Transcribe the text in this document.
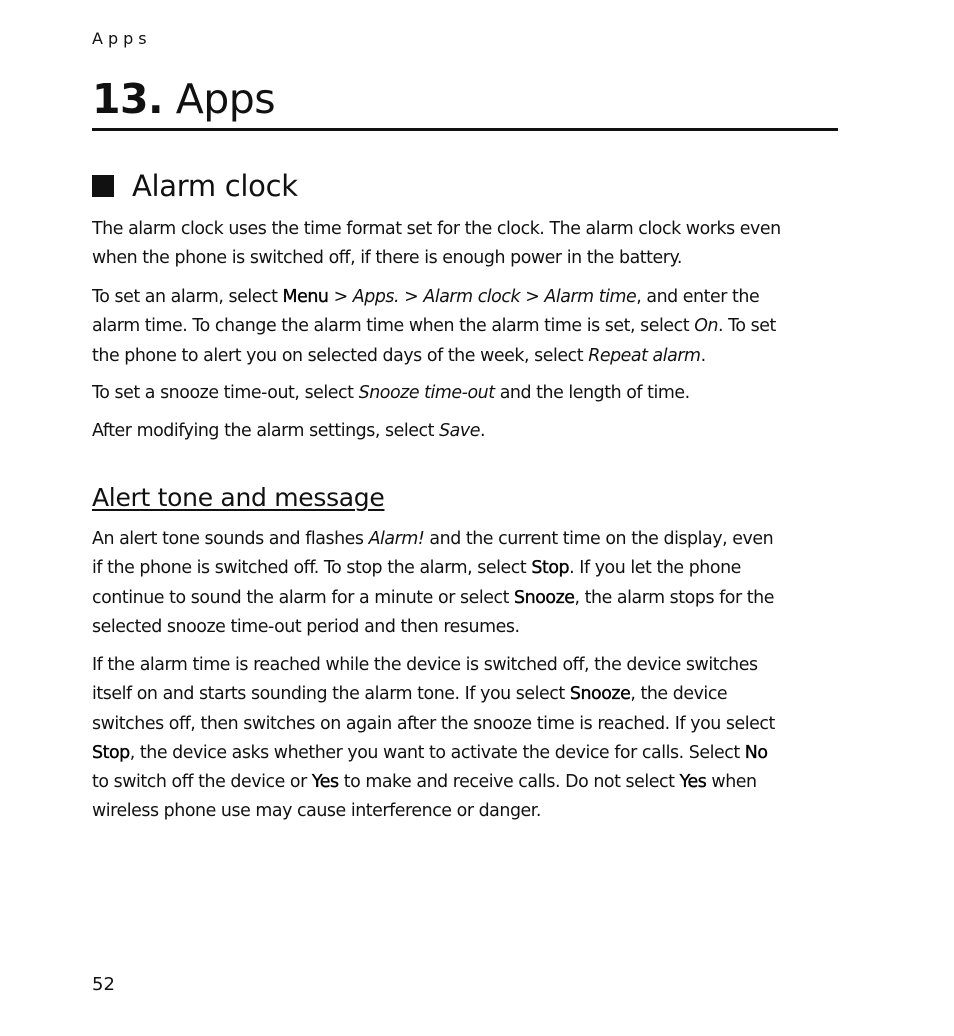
Apps
13. Apps
Alarm clock

The alarm clock uses the time format set for the clock. The alarm clock works even
when the phone is switched off, if there is enough power in the battery.

To set an alarm, select Menu > Apps. > Alarm clock > Alarm time, and enter the
alarm time. To change the alarm time when the alarm time is set, select On. To set
the phone to alert you on selected days of the week, select Repeat alarm.

To set a snooze time-out, select Snooze time-out and the length of time.

After modifying the alarm settings, select Save.

Alert tone and message

An alert tone sounds and flashes Alarm! and the current time on the display, even
if the phone is switched off. To stop the alarm, select Stop. If you let the phone
continue to sound the alarm for a minute or select Snooze, the alarm stops for the
selected snooze time-out period and then resumes.

If the alarm time is reached while the device is switched off, the device switches
itself on and starts sounding the alarm tone. If you select Snooze, the device
switches off, then switches on again after the snooze time is reached. If you select
Stop, the device asks whether you want to activate the device for calls. Select No
to switch off the device or Yes to make and receive calls. Do not select Yes when
wireless phone use may cause interference or danger.

52
